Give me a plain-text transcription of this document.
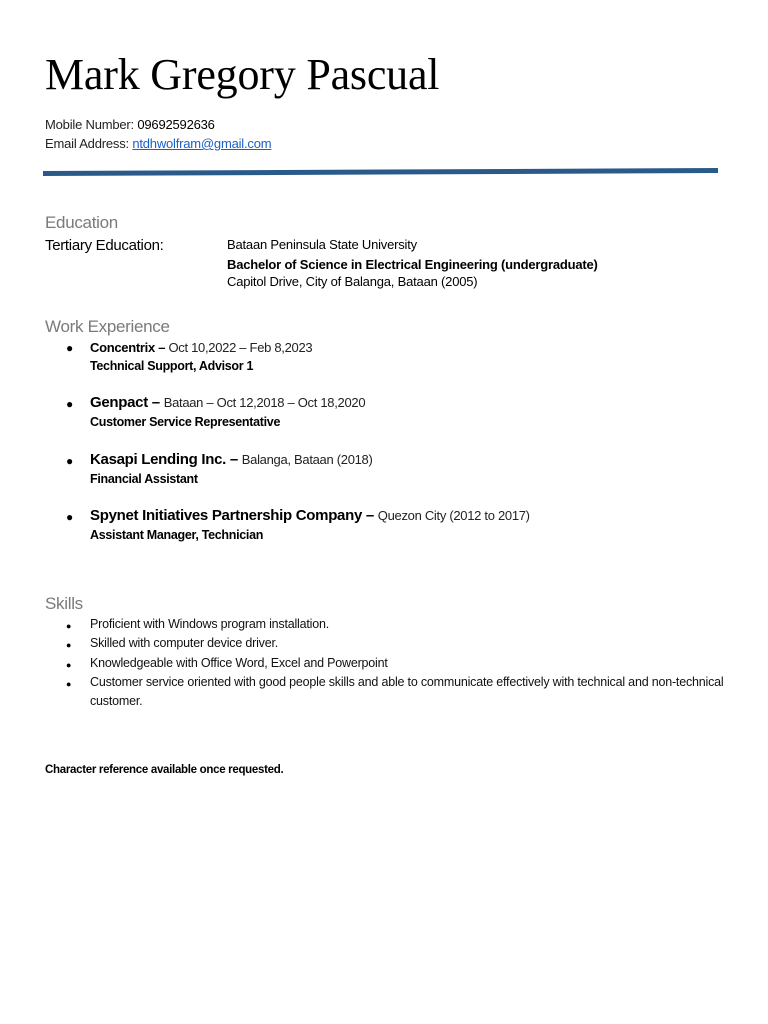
Mark Gregory Pascual
Mobile Number: 09692592636
Email Address: ntdhwolfram@gmail.com
Education
Tertiary Education:	Bataan Peninsula State University
Bachelor of Science in Electrical Engineering (undergraduate)
Capitol Drive, City of Balanga, Bataan (2005)
Work Experience
● Concentrix – Oct 10,2022 – Feb 8,2023
Technical Support, Advisor 1
● Genpact – Bataan – Oct 12,2018 – Oct 18,2020
Customer Service Representative
● Kasapi Lending Inc. – Balanga, Bataan (2018)
Financial Assistant
● Spynet Initiatives Partnership Company – Quezon City (2012 to 2017)
Assistant Manager, Technician
Skills
● Proficient with Windows program installation.
● Skilled with computer device driver.
● Knowledgeable with Office Word, Excel and Powerpoint
● Customer service oriented with good people skills and able to communicate effectively with technical and non-technical customer.
Character reference available once requested.
